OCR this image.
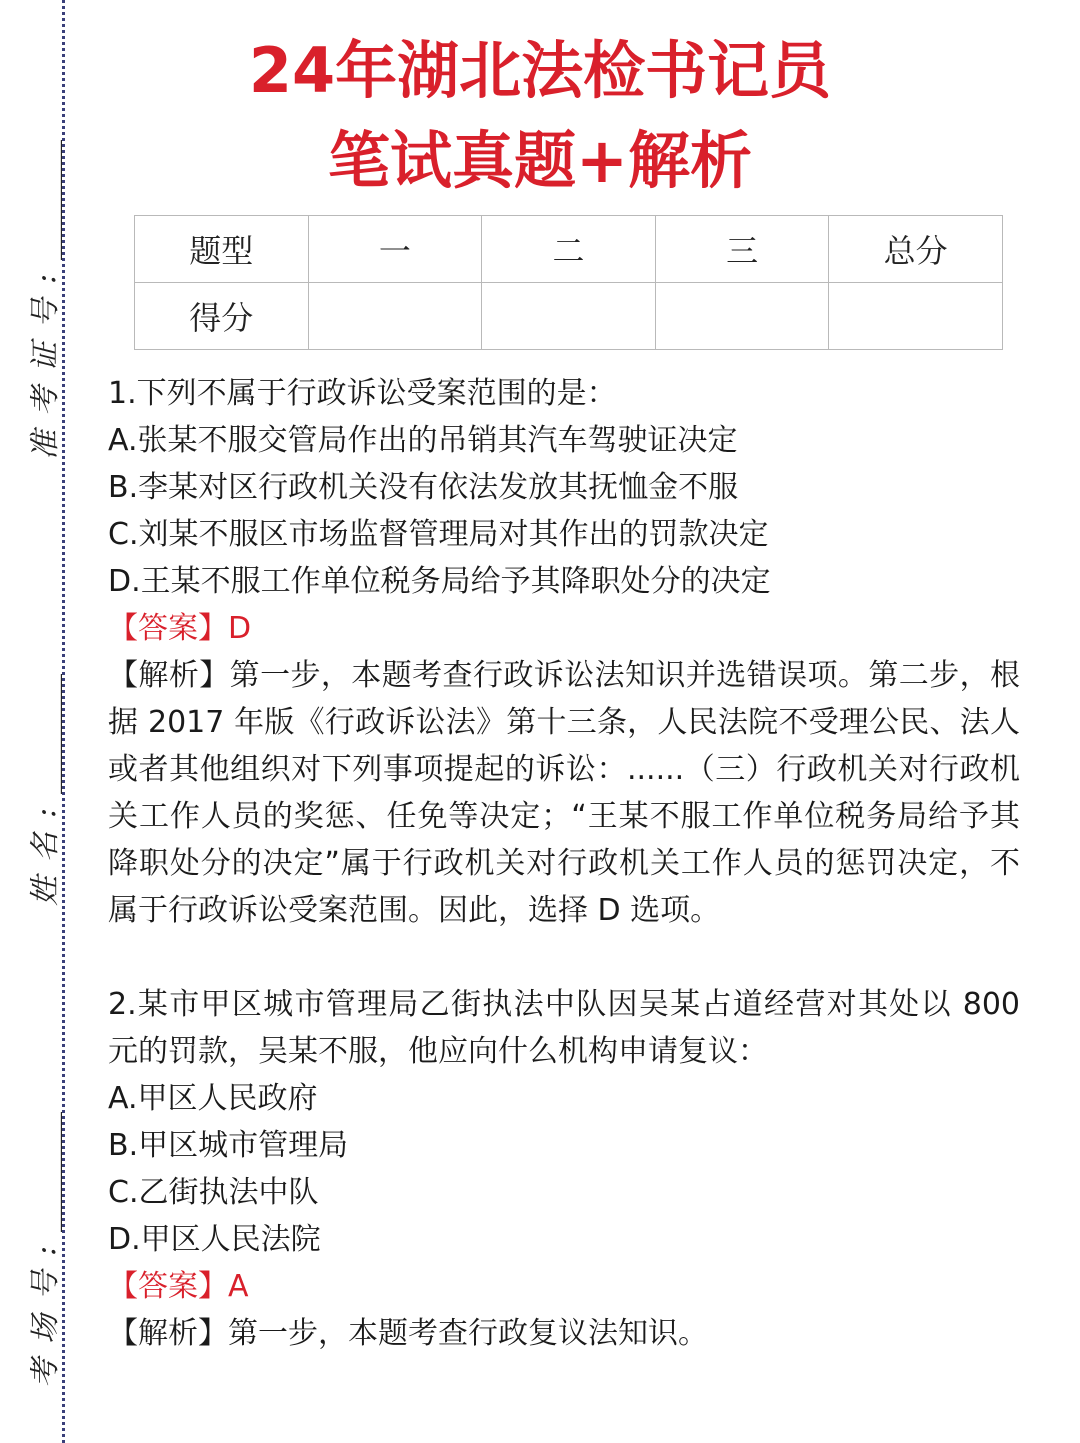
准考证号:________
姓名:________
考场号:________
24年湖北法检书记员
笔试真题+解析
题型	一	二	三	总分
得分				

1.下列不属于行政诉讼受案范围的是：

A.张某不服交管局作出的吊销其汽车驾驶证决定

B.李某对区行政机关没有依法发放其抚恤金不服

C.刘某不服区市场监督管理局对其作出的罚款决定

D.王某不服工作单位税务局给予其降职处分的决定

【答案】D

【解析】第一步，本题考查行政诉讼法知识并选错误项。第二步，根据 2017 年版《行政诉讼法》第十三条，人民法院不受理公民、法人或者其他组织对下列事项提起的诉讼：......（三）行政机关对行政机关工作人员的奖惩、任免等决定；“王某不服工作单位税务局给予其降职处分的决定”属于行政机关对行政机关工作人员的惩罚决定，不属于行政诉讼受案范围。因此，选择 D 选项。

2.某市甲区城市管理局乙街执法中队因吴某占道经营对其处以 800 元的罚款，吴某不服，他应向什么机构申请复议：

A.甲区人民政府

B.甲区城市管理局

C.乙街执法中队

D.甲区人民法院

【答案】A

【解析】第一步，本题考查行政复议法知识。
